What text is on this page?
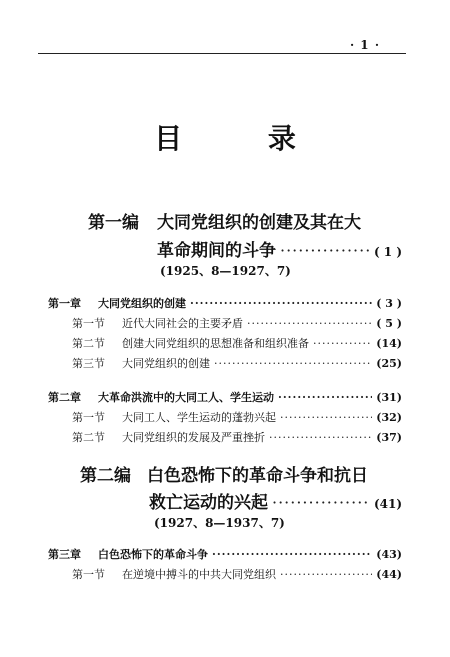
· 1 ·
目 录
第一编 大同党组织的创建及其在大
革命期间的斗争 ·····	( 1 )
(1925、8—1927、7)
第一章	大同党组织的创建 ·····	( 3 )
第一节	近代大同社会的主要矛盾 ·····	( 5 )
第二节	创建大同党组织的思想准备和组织准备 ·····	(14)
第三节	大同党组织的创建 ·····	(25)
第二章	大革命洪流中的大同工人、学生运动 ·····	(31)
第一节	大同工人、学生运动的蓬勃兴起 ·····	(32)
第二节	大同党组织的发展及严重挫折 ·····	(37)
第二编 白色恐怖下的革命斗争和抗日
救亡运动的兴起 ·····	(41)
(1927、8—1937、7)
第三章	白色恐怖下的革命斗争 ·····	(43)
第一节	在逆境中搏斗的中共大同党组织 ·····	(44)
